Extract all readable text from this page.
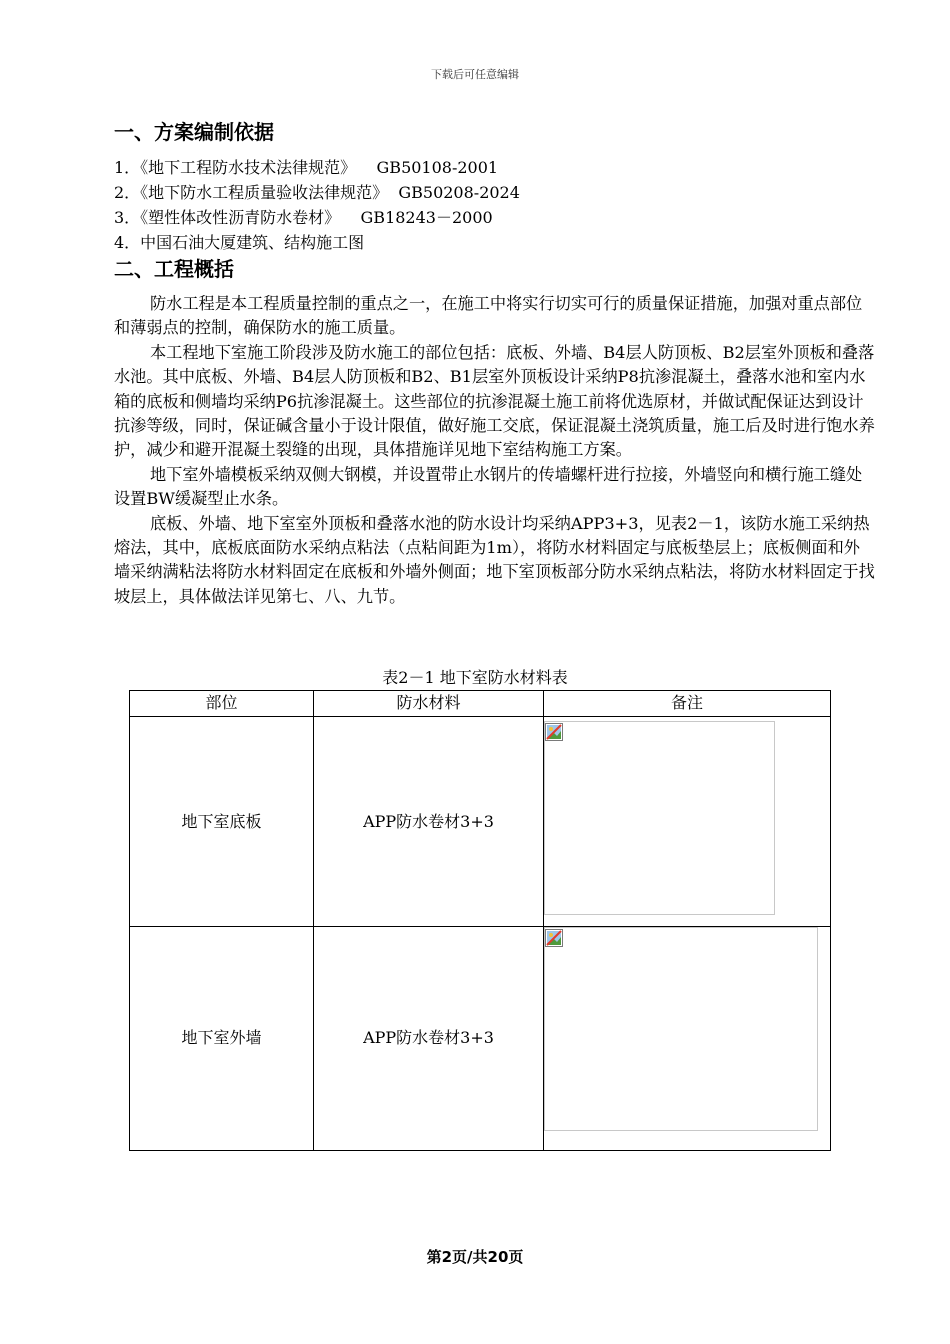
下载后可任意编辑
一、方案编制依据
1．《地下工程防水技术法律规范》    GB50108-2001
2．《地下防水工程质量验收法律规范》  GB50208-2024
3．《塑性体改性沥青防水卷材》    GB18243－2000
4．中国石油大厦建筑、结构施工图
二、工程概括

防水工程是本工程质量控制的重点之一，在施工中将实行切实可行的质量保证措施，加强对重点部位和薄弱点的控制，确保防水的施工质量。

本工程地下室施工阶段涉及防水施工的部位包括：底板、外墙、B4层人防顶板、B2层室外顶板和叠落水池。其中底板、外墙、B4层人防顶板和B2、B1层室外顶板设计采纳P8抗渗混凝土，叠落水池和室内水箱的底板和侧墙均采纳P6抗渗混凝土。这些部位的抗渗混凝土施工前将优选原材，并做试配保证达到设计抗渗等级，同时，保证碱含量小于设计限值，做好施工交底，保证混凝土浇筑质量，施工后及时进行饱水养护，减少和避开混凝土裂缝的出现，具体措施详见地下室结构施工方案。

地下室外墙模板采纳双侧大钢模，并设置带止水钢片的传墙螺杆进行拉接，外墙竖向和横行施工缝处设置BW缓凝型止水条。

底板、外墙、地下室室外顶板和叠落水池的防水设计均采纳APP3+3，见表2－1，该防水施工采纳热熔法，其中，底板底面防水采纳点粘法（点粘间距为1m），将防水材料固定与底板垫层上；底板侧面和外墙采纳满粘法将防水材料固定在底板和外墙外侧面；地下室顶板部分防水采纳点粘法，将防水材料固定于找坡层上，具体做法详见第七、八、九节。

表2－1 地下室防水材料表
部位	防水材料	备注
地下室底板	APP防水卷材3+3
地下室外墙	APP防水卷材3+3
第2页/共20页
